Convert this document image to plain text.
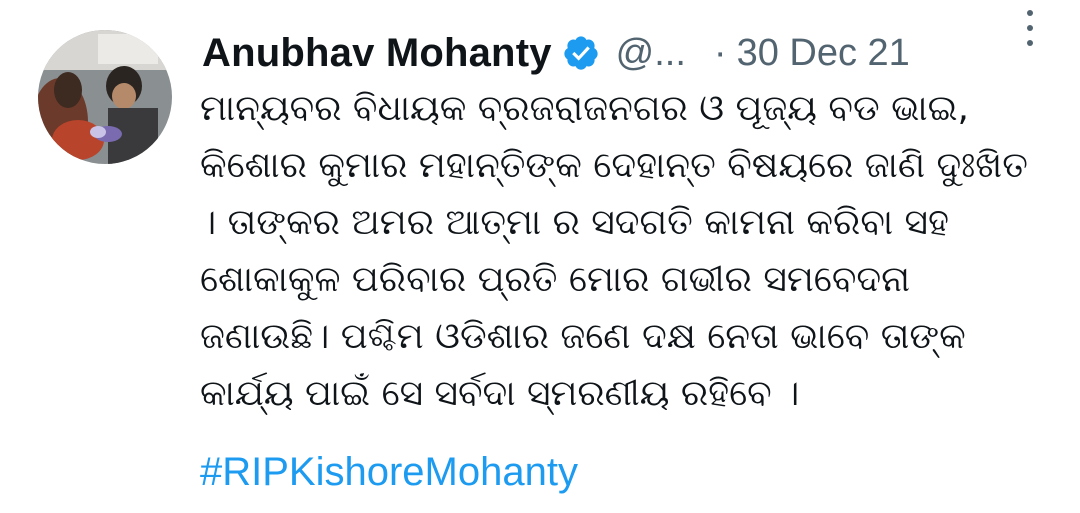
Anubhav Mohanty @... · 30 Dec 21
ମାନ୍ୟବର ବିଧାୟକ ବ୍ରଜରାଜନଗର ଓ ପୂଜ୍ୟ ବଡ ଭାଇ, କିଶୋର କୁମାର ମହାନ୍ତିଙ୍କ ଦେହାନ୍ତ ବିଷୟରେ ଜାଣି ଦୁଃଖିତ । ତାଙ୍କର ଅମର ଆତ୍ମା ର ସଦଗତି କାମନା କରିବା ସହ ଶୋକାକୁଳ ପରିବାର ପ୍ରତି ମୋର ଗଭୀର ସମବେଦନା ଜଣାଉଛି। ପଶ୍ଚିମ ଓଡିଶାର ଜଣେ ଦକ୍ଷ ନେତା ଭାବେ ତାଙ୍କ କାର୍ଯ୍ୟ ପାଇଁ ସେ ସର୍ବଦା ସ୍ମରଣୀୟ ରହିବେ ।
#RIPKishoreMohanty
